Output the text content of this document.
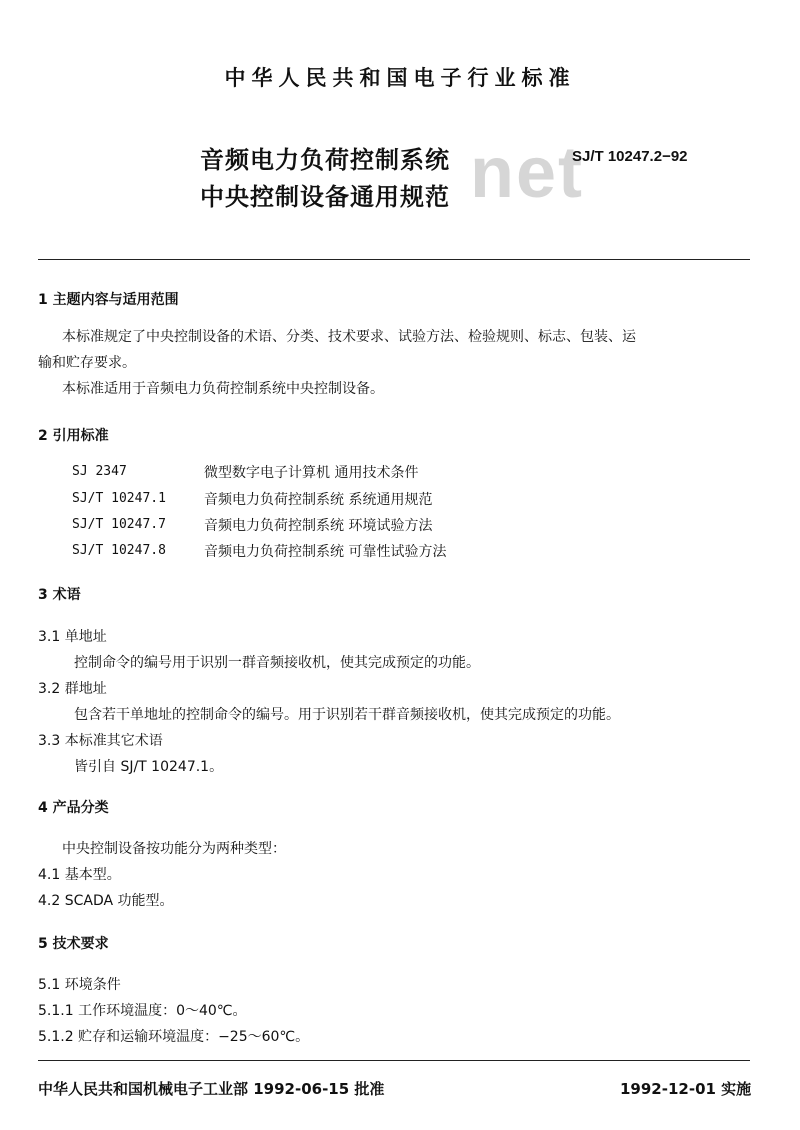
中华人民共和国电子行业标准
net
音频电力负荷控制系统
中央控制设备通用规范
SJ/T 10247.2−92
1 主题内容与适用范围
本标准规定了中央控制设备的术语、分类、技术要求、试验方法、检验规则、标志、包装、运
输和贮存要求。
本标准适用于音频电力负荷控制系统中央控制设备。
2 引用标准
SJ 2347	微型数字电子计算机 通用技术条件
SJ/T 10247.1	音频电力负荷控制系统 系统通用规范
SJ/T 10247.7	音频电力负荷控制系统 环境试验方法
SJ/T 10247.8	音频电力负荷控制系统 可靠性试验方法
3 术语
3.1 单地址
控制命令的编号用于识别一群音频接收机，使其完成预定的功能。
3.2 群地址
包含若干单地址的控制命令的编号。用于识别若干群音频接收机，使其完成预定的功能。
3.3 本标准其它术语
皆引自 SJ/T 10247.1。
4 产品分类
中央控制设备按功能分为两种类型：
4.1 基本型。
4.2 SCADA 功能型。
5 技术要求
5.1 环境条件
5.1.1 工作环境温度：0～40℃。
5.1.2 贮存和运输环境温度：−25～60℃。
中华人民共和国机械电子工业部 1992-06-15 批准	1992-12-01 实施
